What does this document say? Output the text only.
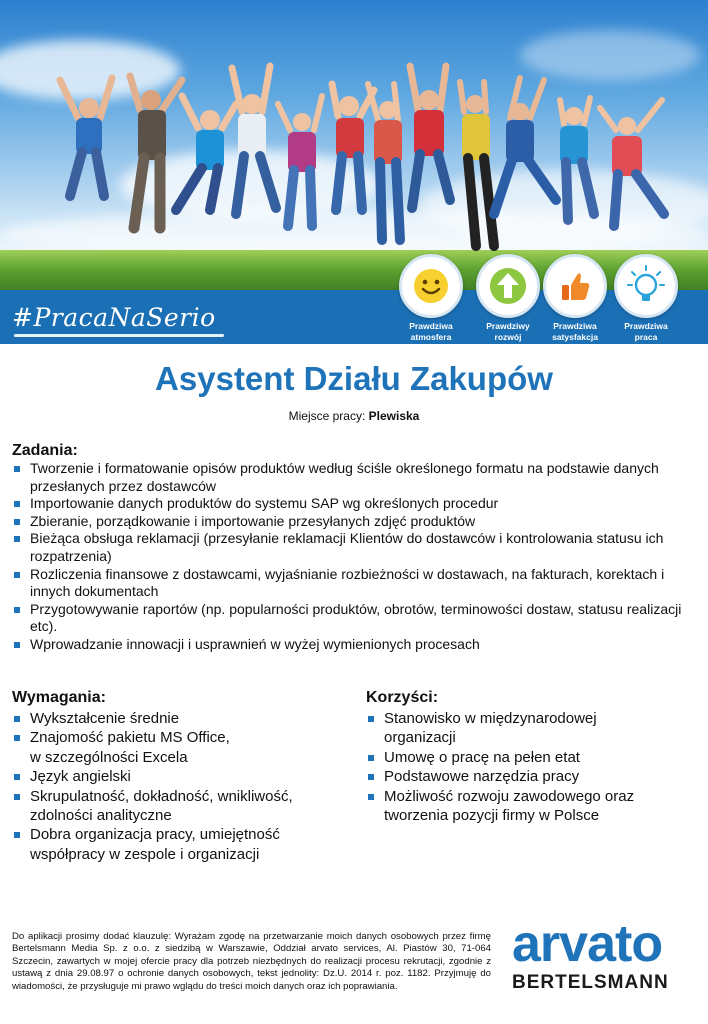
#PracaNaSerio	Prawdziwa
atmosfera
Prawdziwy
rozwój
Prawdziwa
satysfakcja
Prawdziwa
praca
Asystent Działu Zakupów
Miejsce pracy: Plewiska
Zadania:
Tworzenie i formatowanie opisów produktów według ściśle określonego formatu na podstawie danych przesłanych przez dostawców
Importowanie danych produktów do systemu SAP wg określonych procedur
Zbieranie, porządkowanie i importowanie przesyłanych zdjęć produktów
Bieżąca obsługa reklamacji (przesyłanie reklamacji Klientów do dostawców i kontrolowania statusu ich rozpatrzenia)
Rozliczenia finansowe z dostawcami, wyjaśnianie rozbieżności w dostawach, na fakturach, korektach i innych dokumentach
Przygotowywanie raportów (np. popularności produktów, obrotów, terminowości dostaw, statusu realizacji etc).
Wprowadzanie innowacji i usprawnień w wyżej wymienionych procesach
Wymagania:
Wykształcenie średnie
Znajomość pakietu MS Office,
w szczególności Excela
Język angielski
Skrupulatność, dokładność, wnikliwość,
zdolności analityczne
Dobra organizacja pracy, umiejętność
współpracy w zespole i organizacji
Korzyści:
Stanowisko w międzynarodowej
organizacji
Umowę o pracę na pełen etat
Podstawowe narzędzia pracy
Możliwość rozwoju zawodowego oraz
tworzenia pozycji firmy w Polsce
Do aplikacji prosimy dodać klauzulę: Wyrażam zgodę na przetwarzanie moich danych osobowych przez firmę Bertelsmann Media Sp. z o.o. z siedzibą w Warszawie, Oddział arvato services, Al. Piastów 30, 71-064 Szczecin, zawartych w mojej ofercie pracy dla potrzeb niezbędnych do realizacji procesu rekrutacji, zgodnie z ustawą z dnia 29.08.97 o ochronie danych osobowych, tekst jednolity: Dz.U. 2014 r. poz. 1182. Przyjmuję do wiadomości, że przysługuje mi prawo wglądu do treści moich danych oraz ich poprawiania.
arvato
BERTELSMANN
